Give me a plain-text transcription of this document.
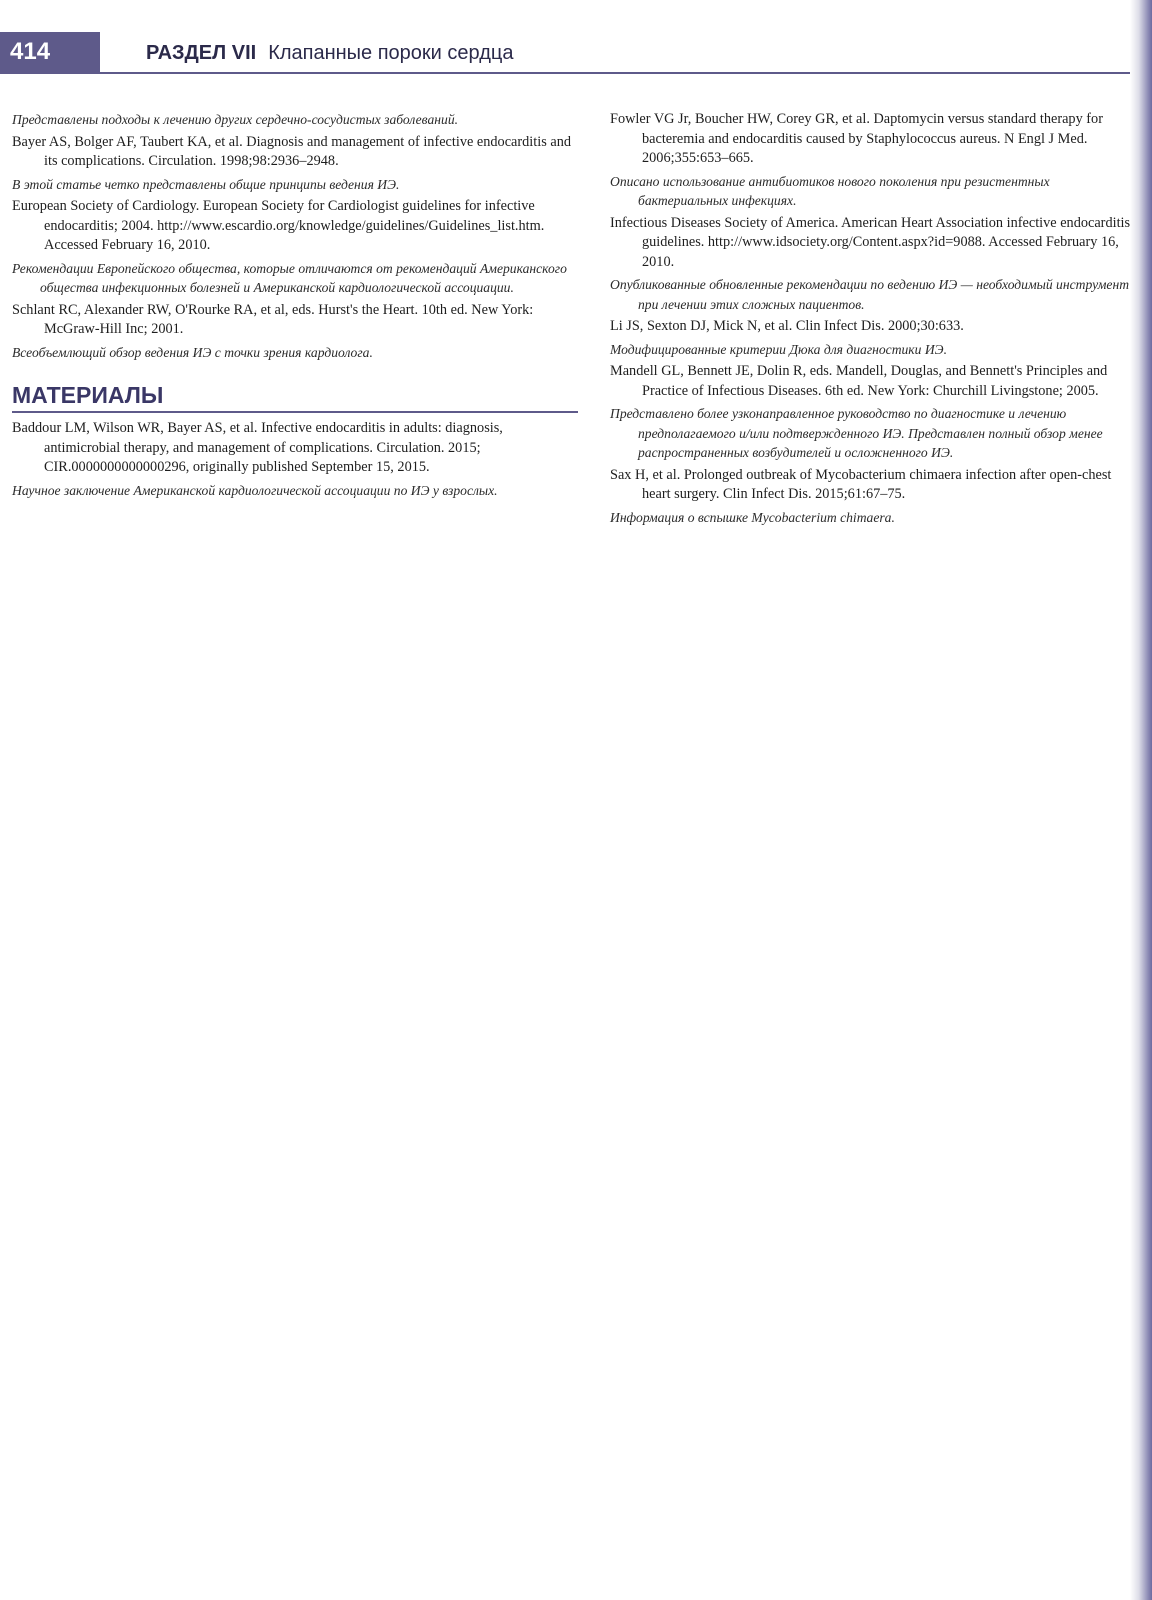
414	РАЗДЕЛ VII Клапанные пороки сердца
Представлены подходы к лечению других сердечно-сосудистых заболеваний.
Bayer AS, Bolger AF, Taubert KA, et al. Diagnosis and management of infective endocarditis and its complications. Circulation. 1998;98:2936–2948.
В этой статье четко представлены общие принципы ведения ИЭ.
European Society of Cardiology. European Society for Cardiologist guidelines for infective endocarditis; 2004. http://www.escardio.org/knowledge/guidelines/Guidelines_list.htm. Accessed February 16, 2010.
Рекомендации Европейского общества, которые отличаются от рекомендаций Американского общества инфекционных болезней и Американской кардиологической ассоциации.
Schlant RC, Alexander RW, O'Rourke RA, et al, eds. Hurst's the Heart. 10th ed. New York: McGraw-Hill Inc; 2001.
Всеобъемлющий обзор ведения ИЭ с точки зрения кардиолога.
МАТЕРИАЛЫ
Baddour LM, Wilson WR, Bayer AS, et al. Infective endocarditis in adults: diagnosis, antimicrobial therapy, and management of complications. Circulation. 2015; CIR.0000000000000296, originally published September 15, 2015.
Научное заключение Американской кардиологической ассоциации по ИЭ у взрослых.
Fowler VG Jr, Boucher HW, Corey GR, et al. Daptomycin versus standard therapy for bacteremia and endocarditis caused by Staphylococcus aureus. N Engl J Med. 2006;355:653–665.
Описано использование антибиотиков нового поколения при резистентных бактериальных инфекциях.
Infectious Diseases Society of America. American Heart Association infective endocarditis guidelines. http://www.idsociety.org/Content.aspx?id=9088. Accessed February 16, 2010.
Опубликованные обновленные рекомендации по ведению ИЭ — необходимый инструмент при лечении этих сложных пациентов.
Li JS, Sexton DJ, Mick N, et al. Clin Infect Dis. 2000;30:633.
Модифицированные критерии Дюка для диагностики ИЭ.
Mandell GL, Bennett JE, Dolin R, eds. Mandell, Douglas, and Bennett's Principles and Practice of Infectious Diseases. 6th ed. New York: Churchill Livingstone; 2005.
Представлено более узконаправленное руководство по диагностике и лечению предполагаемого и/или подтвержденного ИЭ. Представлен полный обзор менее распространенных возбудителей и осложненного ИЭ.
Sax H, et al. Prolonged outbreak of Mycobacterium chimaera infection after open-chest heart surgery. Clin Infect Dis. 2015;61:67–75.
Информация о вспышке Mycobacterium chimaera.
